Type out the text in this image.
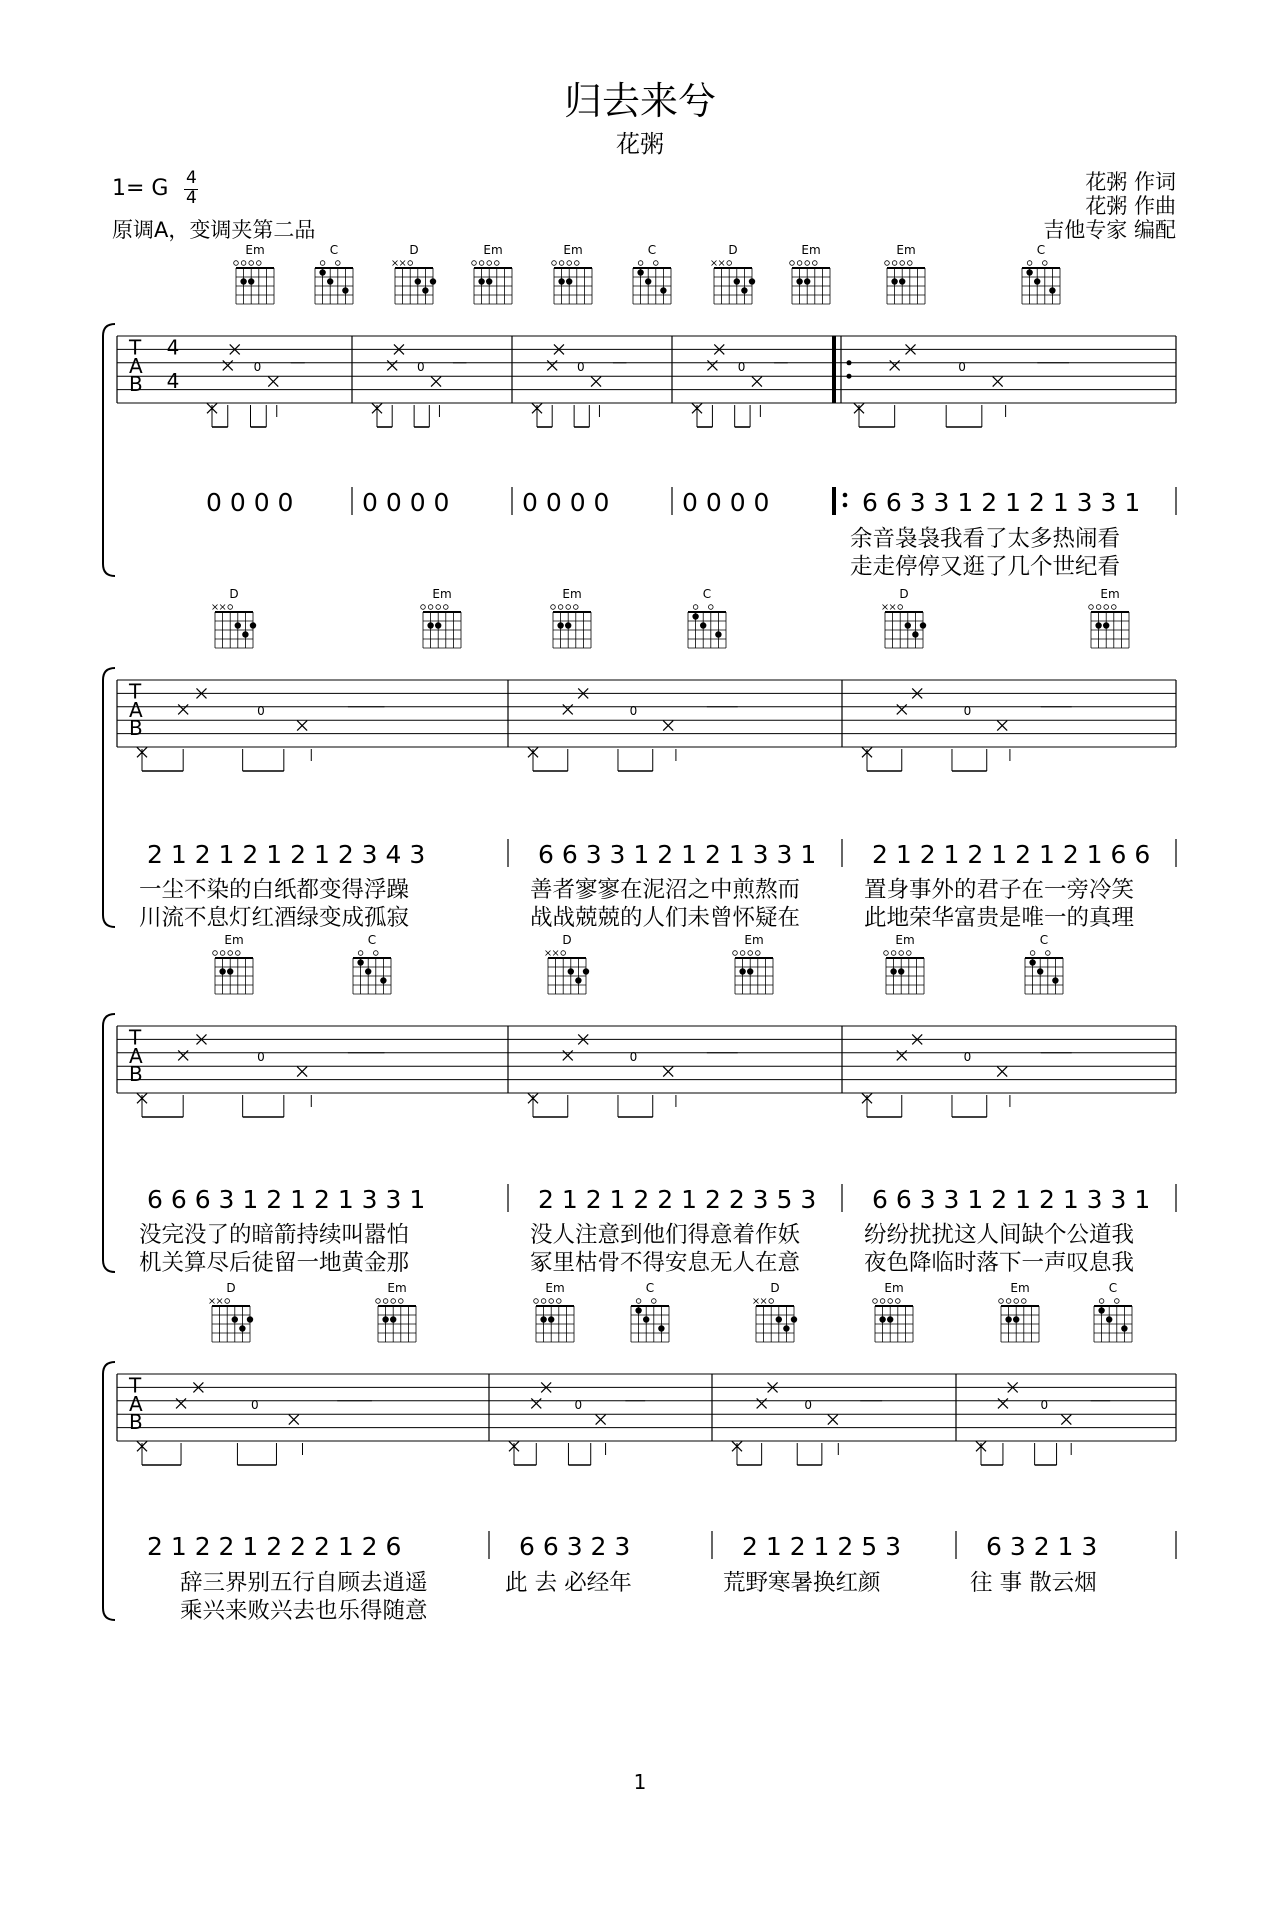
归去来兮
花粥
1= G 4
4
原调A，变调夹第二品
花粥 作词
花粥 作曲
吉他专家 编配
T
A
B
4
4
Em	C	D	Em	Em	C	D	Em	Em	C
0	0	0	0	0
0 0 0 0	0 0 0 0	0 0 0 0	0 0 0 0	6 6 3 3 1 2 1 2 1 3 3 1
余音袅袅我看了太多热闹看
走走停停又逛了几个世纪看
T
A
B
D	Em	Em	C	D	Em
0	0	0
2 1 2 1 2 1 2 1 2 3 4 3	6 6 3 3 1 2 1 2 1 3 3 1 2 1 2 1 2 1 2 1 2 1 6 6
一尘不染的白纸都变得浮躁	善者寥寥在泥沼之中煎熬而	置身事外的君子在一旁冷笑
川流不息灯红酒绿变成孤寂	战战兢兢的人们未曾怀疑在	此地荣华富贵是唯一的真理
T
A
B
Em	C	D	Em	Em	C
0	0	0
6 6 6 3 1 2 1 2 1 3 3 1	2 1 2 1 2 2 1 2 2 3 5 3 6 6 3 3 1 2 1 2 1 3 3 1
没完没了的暗箭持续叫嚣怕	没人注意到他们得意着作妖	纷纷扰扰这人间缺个公道我
机关算尽后徒留一地黄金那	冢里枯骨不得安息无人在意	夜色降临时落下一声叹息我
T
A
B
D	Em	Em	C	D	Em	Em	C
0	0	0	0
2 1 2 2 1 2 2 2 1 2 6	6 6 3 2 3	2 1 2 1 2 5 3	6 3 2 1 3
辞三界别五行自顾去逍遥	此 去 必经年	荒野寒暑换红颜	往 事 散云烟
乘兴来败兴去也乐得随意
1
